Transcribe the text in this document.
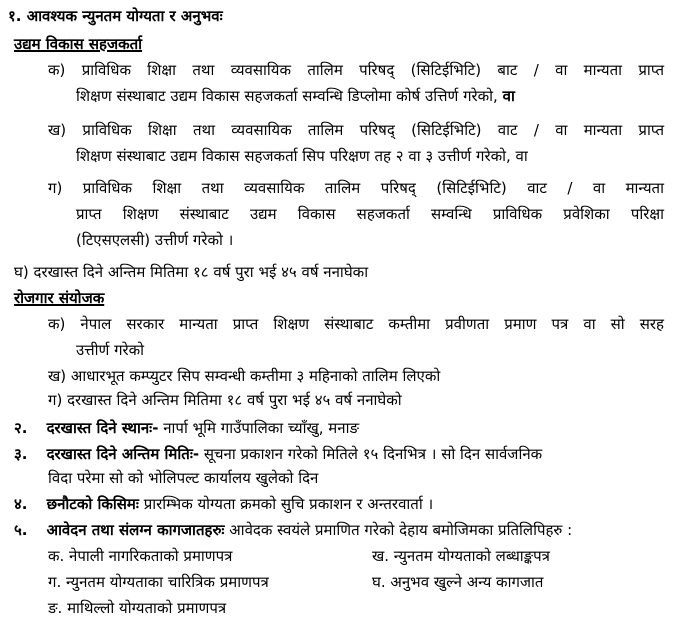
१. आवश्यक न्युनतम योग्यता र अनुभवः
उद्यम विकास सहजकर्ता
क) प्राविधिक शिक्षा तथा व्यवसायिक तालिम परिषद् (सिटिईभिटि) बाट / वा मान्यता प्राप्त
शिक्षण संस्थाबाट उद्यम विकास सहजकर्ता सम्वन्धि डिप्लोमा कोर्ष उत्तिर्ण गरेको, वा
ख) प्राविधिक शिक्षा तथा व्यवसायिक तालिम परिषद् (सिटिईभिटि) वाट / वा मान्यता प्राप्त
शिक्षण संस्थाबाट उद्यम विकास सहजकर्ता सिप परिक्षण तह २ वा ३ उत्तीर्ण गरेको, वा
ग) प्राविधिक शिक्षा तथा व्यवसायिक तालिम परिषद् (सिटिईभिटि) वाट / वा मान्यता
प्राप्त शिक्षण संस्थाबाट उद्यम विकास सहजकर्ता सम्वन्धि प्राविधिक प्रवेशिका परिक्षा
(टिएसएलसी) उत्तीर्ण गरेको ।
घ) दरखास्त दिने अन्तिम मितिमा १८ वर्ष पुरा भई ४५ वर्ष ननाघेका
रोजगार संयोजक
क) नेपाल सरकार मान्यता प्राप्त शिक्षण संस्थाबाट कम्तीमा प्रवीणता प्रमाण पत्र वा सो सरह
उत्तीर्ण गरेको
ख) आधारभूत कम्प्युटर सिप सम्वन्धी कम्तीमा ३ महिनाको तालिम लिएको
ग) दरखास्त दिने अन्तिम मितिमा १८ वर्ष पुरा भई ४५ वर्ष ननाघेको
२. दरखास्त दिने स्थानः- नार्पा भूमि गाउँपालिका च्याँखु, मनाङ
३. दरखास्त दिने अन्तिम मितिः- सूचना प्रकाशन गरेको मितिले १५ दिनभित्र । सो दिन सार्वजनिक
विदा परेमा सो को भोलिपल्ट कार्यालय खुलेको दिन
४. छनौटको किसिमः प्रारम्भिक योग्यता क्रमको सुचि प्रकाशन र अन्तरवार्ता ।
५. आवेदन तथा संलग्न कागजातहरुः आवेदक स्वयंले प्रमाणित गरेको देहाय बमोजिमका प्रतिलिपिहरु :
क. नेपाली नागरिकताको प्रमाणपत्र	ख. न्युनतम योग्यताको लब्धाङ्कपत्र
ग. न्युनतम योग्यताका चारित्रिक प्रमाणपत्र	घ. अनुभव खुल्ने अन्य कागजात
ङ. माथिल्लो योग्यताको प्रमाणपत्र
